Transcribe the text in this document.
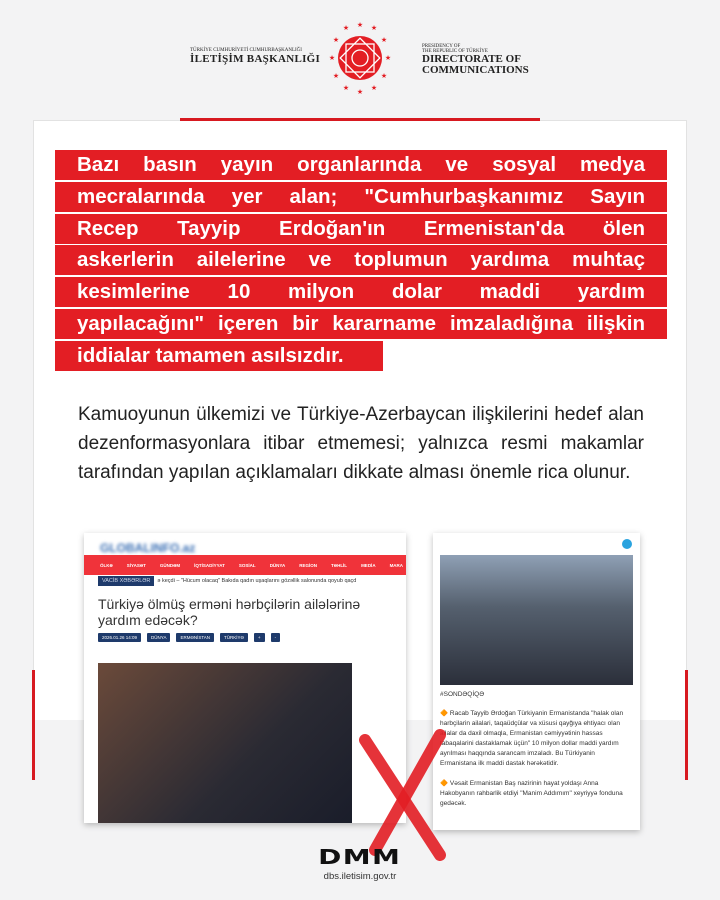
TÜRKİYE CUMHURİYETİ CUMHURBAŞKANLIĞI
İLETİŞİM BAŞKANLIĞI
★ ★
★
★
★
★
★
★
★
★
★
★
PRESIDENCY OF
THE REPUBLIC OF TÜRKİYE
DIRECTORATE OF
COMMUNICATIONS
Bazı basın yayın organlarında ve sosyal medya
mecralarında yer alan; "Cumhurbaşkanımız Sayın
Recep Tayyip Erdoğan'ın Ermenistan'da ölen
askerlerin ailelerine ve toplumun yardıma muhtaç
kesimlerine 10 milyon dolar maddi yardım
yapılacağını" içeren bir kararname imzaladığına ilişkin
iddialar tamamen asılsızdır.

Kamuoyunun ülkemizi ve Türkiye-Azerbaycan ilişkilerini hedef alan dezenformasyonlara itibar etmemesi; yalnızca resmi makamlar tarafından yapılan açıklamaları dikkate alması önemle rica olunur.

GLOBALINFO.az
ÖLKƏ	SİYASƏT	GÜNDƏM	İQTİSADİYYAT	SOSİAL	DÜNYA	REGİON	TƏHLİL	MEDİA	MARA
VACİB XƏBƏRLƏR ə keçdi – "Hücum olacaq" Bakıda qadın uşaqlarını gözəllik salonunda qoyub qaçd
Türkiyə ölmüş erməni hərbçilərin ailələrinə yardım edəcək?
2026.01.26 14:09	DÜNYA	ERMƏNİSTAN	TÜRKİYƏ	+	-
#SONDƏQİQƏ

🔶 Racab Tayyib Ərdoğan Türkiyanin Ermanistanda "halak olan harbçilarin ailalari, taqaüdçülar va xüsusi qayğıya ehtiyacı olan ailalar da daxil olmaqla, Ermanistan cəmiyyətinin hassas tabaqalarini dastaklamak üçün" 10 milyon dollar maddi yardım ayrılması haqqında sarancam imzaladı. Bu Türkiyanin Ermanistana ilk maddi dastak hərəkətidir.

🔶 Vəsait Ermanistan Baş nazirinin hayat yoldaşı Anna Hakobyanın rahbarlik etdiyi "Manim Addımım" xeyriyyə fonduna gedəcək.

DMM
dbs.iletisim.gov.tr
